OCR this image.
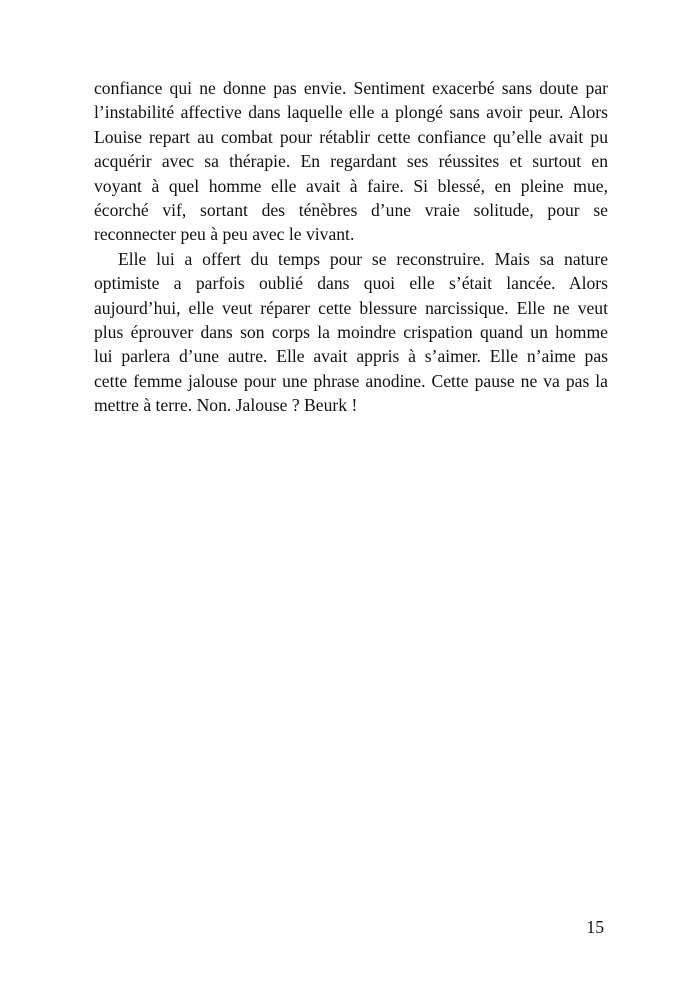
confiance qui ne donne pas envie. Sentiment exacerbé sans doute par
l’instabilité affective dans laquelle elle a plongé sans avoir peur. Alors
Louise repart au combat pour rétablir cette confiance qu’elle avait pu
acquérir avec sa thérapie. En regardant ses réussites et surtout en
voyant à quel homme elle avait à faire. Si blessé, en pleine mue,
écorché vif, sortant des ténèbres d’une vraie solitude, pour se
reconnecter peu à peu avec le vivant.
Elle lui a offert du temps pour se reconstruire. Mais sa nature
optimiste a parfois oublié dans quoi elle s’était lancée. Alors
aujourd’hui, elle veut réparer cette blessure narcissique. Elle ne veut
plus éprouver dans son corps la moindre crispation quand un homme
lui parlera d’une autre. Elle avait appris à s’aimer. Elle n’aime pas
cette femme jalouse pour une phrase anodine. Cette pause ne va pas la
mettre à terre. Non. Jalouse ? Beurk !
15
